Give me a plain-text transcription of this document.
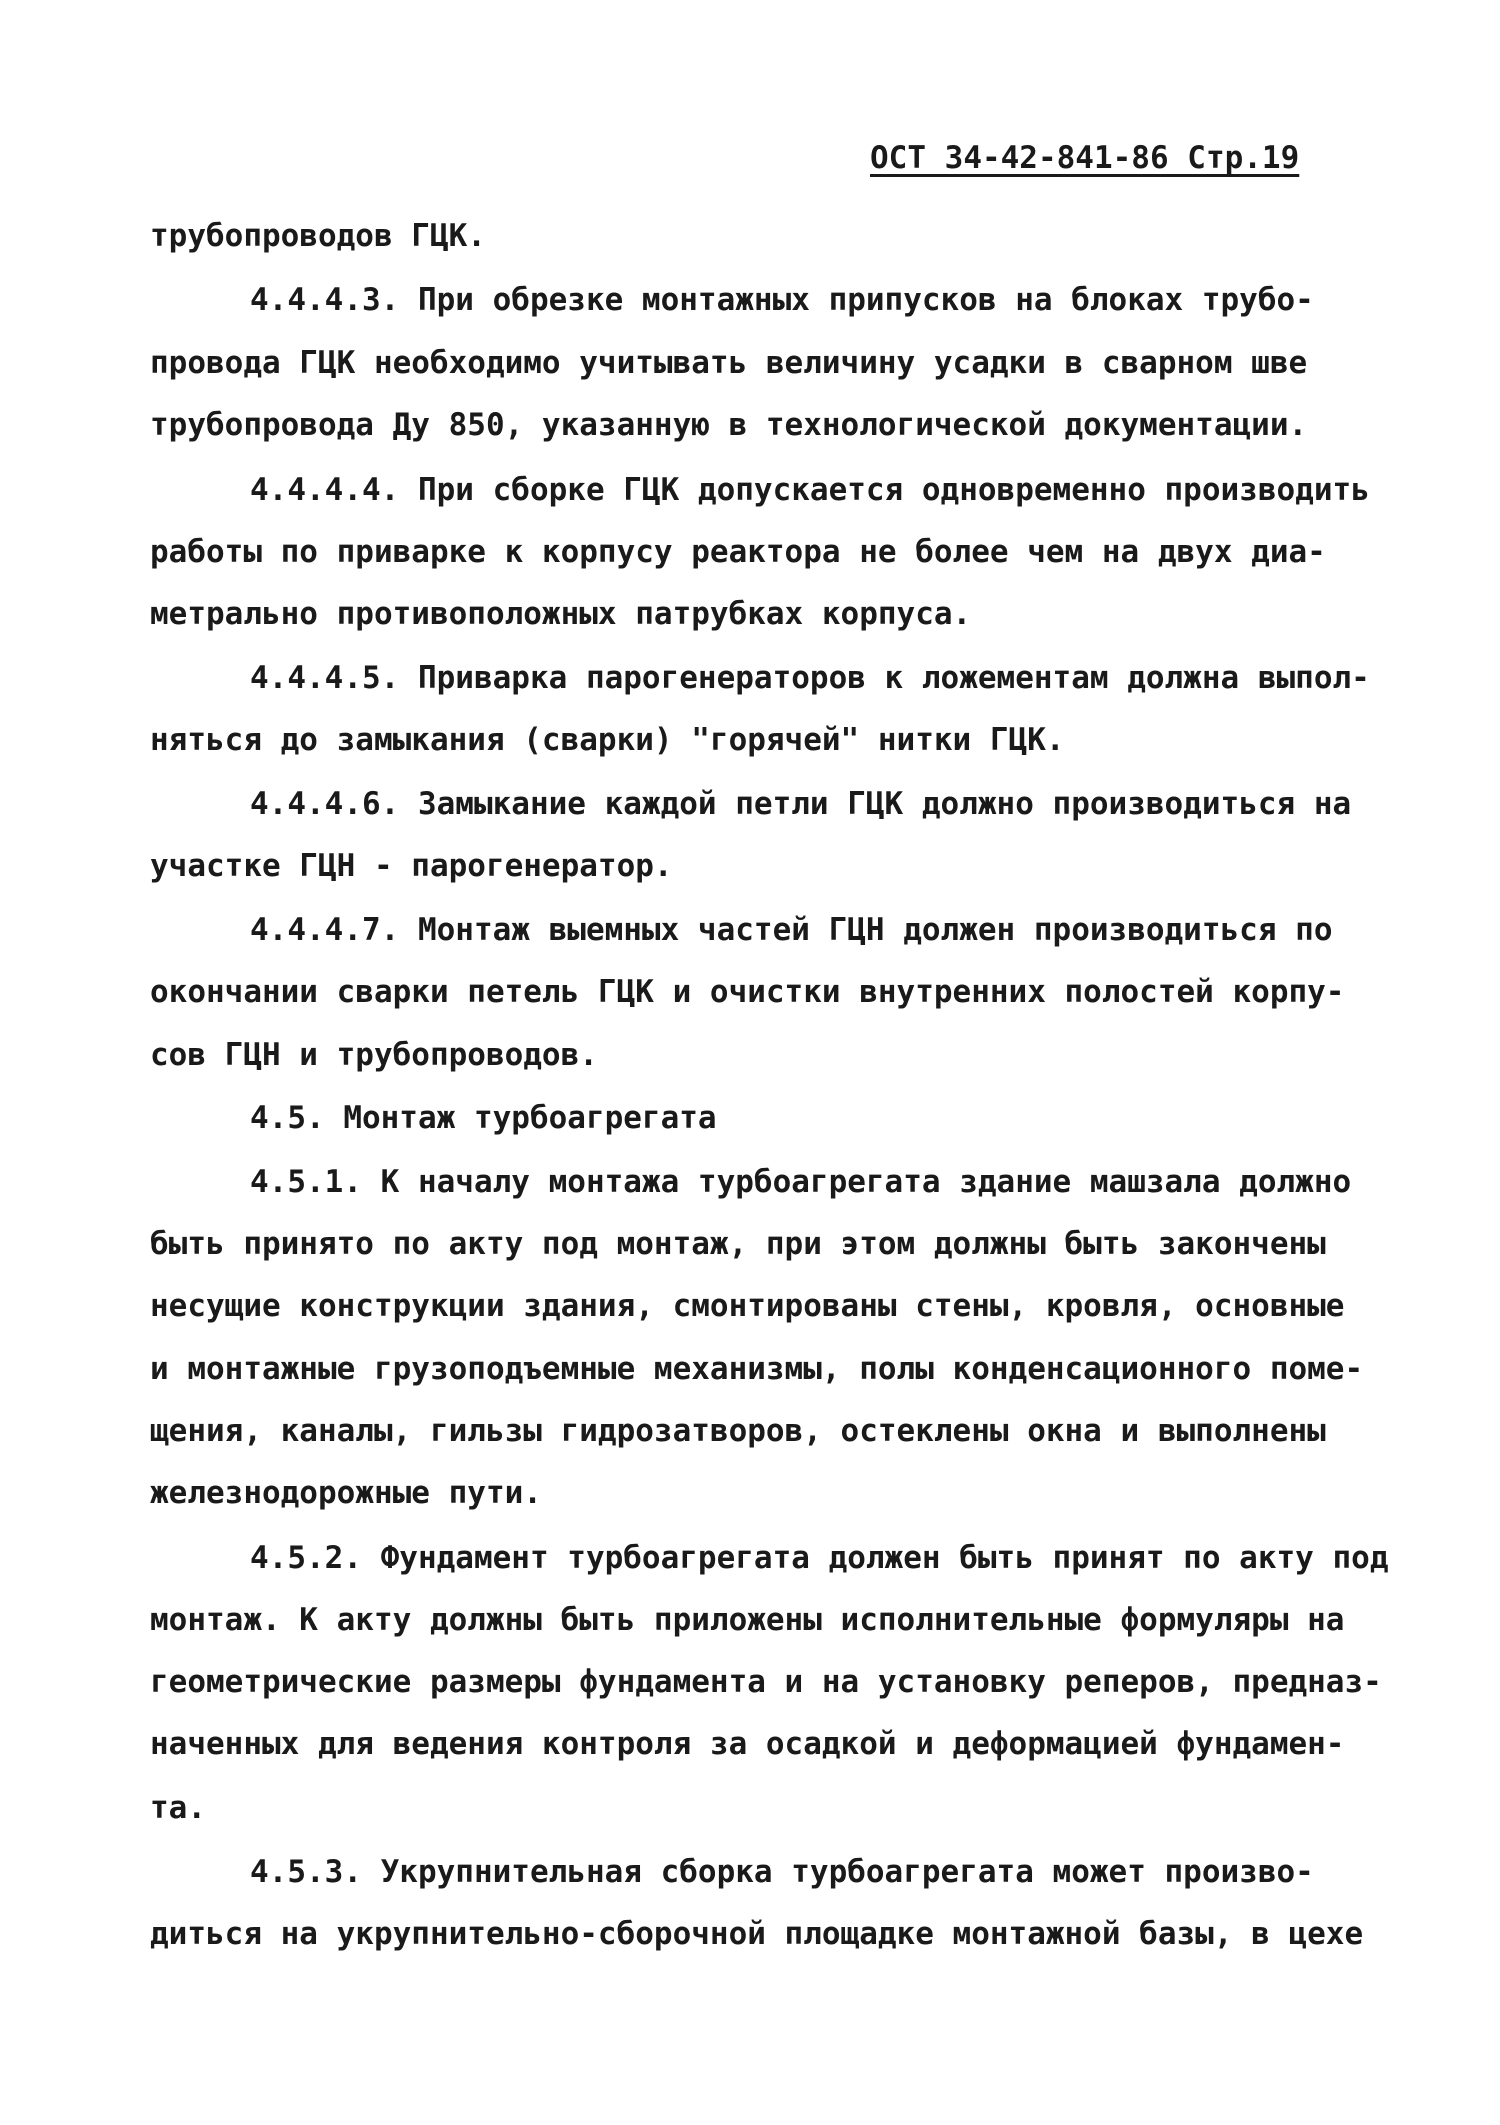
ОСТ 34-42-841-86 Стр.19
трубопроводов ГЦК.
4.4.4.3. При обрезке монтажных припусков на блоках трубо-
провода ГЦК необходимо учитывать величину усадки в сварном шве
трубопровода Ду 850, указанную в технологической документации.
4.4.4.4. При сборке ГЦК допускается одновременно производить
работы по приварке к корпусу реактора не более чем на двух диа-
метрально противоположных патрубках корпуса.
4.4.4.5. Приварка парогенераторов к ложементам должна выпол-
няться до замыкания (сварки) "горячей" нитки ГЦК.
4.4.4.6. Замыкание каждой петли ГЦК должно производиться на
участке ГЦН - парогенератор.
4.4.4.7. Монтаж выемных частей ГЦН должен производиться по
окончании сварки петель ГЦК и очистки внутренних полостей корпу-
сов ГЦН и трубопроводов.
4.5. Монтаж турбоагрегата
4.5.1. К началу монтажа турбоагрегата здание машзала должно
быть принято по акту под монтаж, при этом должны быть закончены
несущие конструкции здания, смонтированы стены, кровля, основные
и монтажные грузоподъемные механизмы, полы конденсационного поме-
щения, каналы, гильзы гидрозатворов, остеклены окна и выполнены
железнодорожные пути.
4.5.2. Фундамент турбоагрегата должен быть принят по акту под
монтаж. К акту должны быть приложены исполнительные формуляры на
геометрические размеры фундамента и на установку реперов, предназ-
наченных для ведения контроля за осадкой и деформацией фундамен-
та.
4.5.3. Укрупнительная сборка турбоагрегата может произво-
диться на укрупнительно-сборочной площадке монтажной базы, в цехе
